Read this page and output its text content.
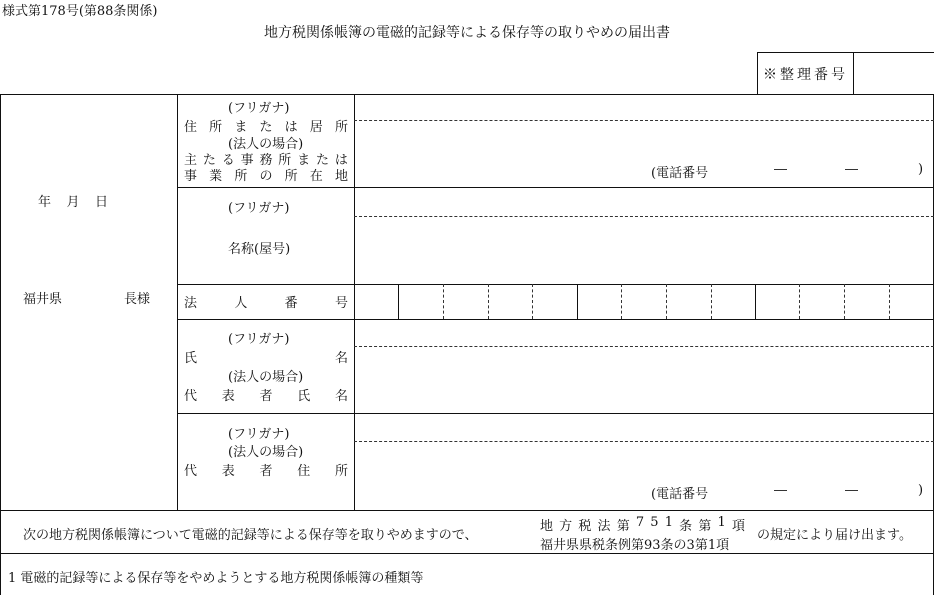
様式第178号(第88条関係)
地方税関係帳簿の電磁的記録等による保存等の取りやめの届出書
※整理番号
年 月 日
福井県	長様
(フリガナ)
住 所 ま た は 居 所
(法人の場合)
主 た る 事 務 所 ま た は
事 業 所 の 所 在 地	(電話番号	―	―	)
(フリガナ)
名称(屋号)
法	人	番	号
(フリガナ)
氏	名
(法人の場合)
代 表 者 氏 名
(フリガナ)
(法人の場合)
代 表 者 住 所
(電話番号	―	―	)
次の地方税関係帳簿について電磁的記録等による保存等を取りやめますので、
地 方 税 法 第 7 5 1 条 第 1 項
福井県県税条例第93条の3第1項
の規定により届け出ます。
1 電磁的記録等による保存等をやめようとする地方税関係帳簿の種類等
